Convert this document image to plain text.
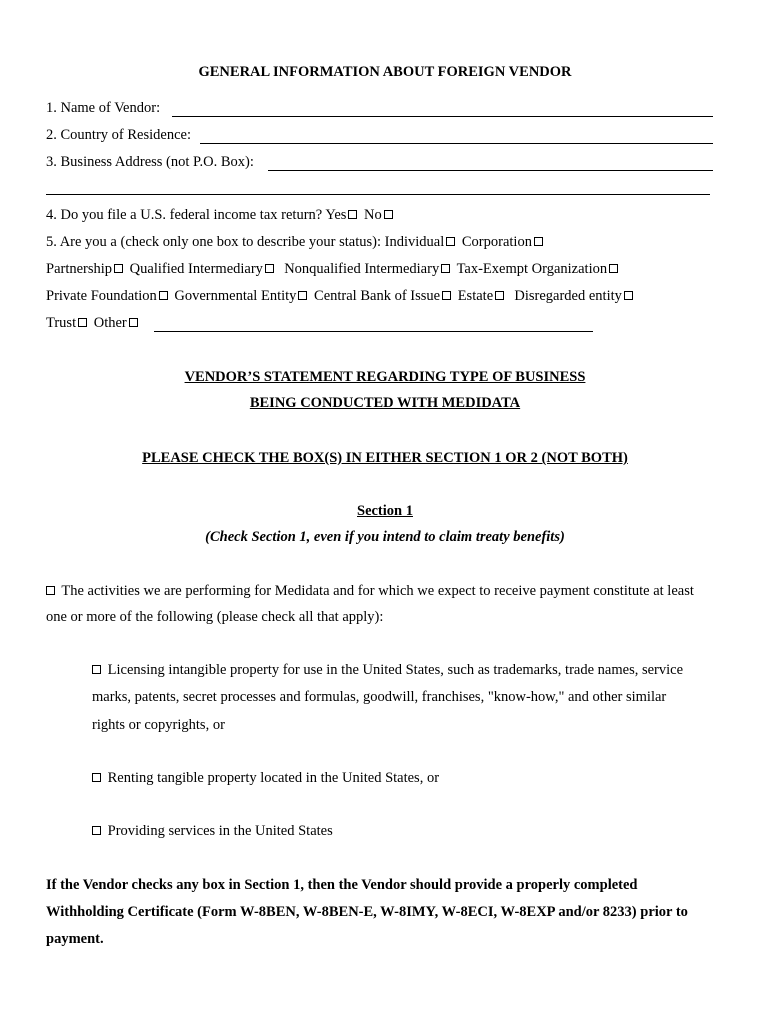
GENERAL INFORMATION ABOUT FOREIGN VENDOR
1. Name of Vendor:
2. Country of Residence:
3. Business Address (not P.O. Box):
4. Do you file a U.S. federal income tax return? Yes No
5. Are you a (check only one box to describe your status): Individual Corporation
Partnership Qualified Intermediary Nonqualified Intermediary Tax-Exempt Organization
Private Foundation Governmental Entity Central Bank of Issue Estate Disregarded entity
Trust Other
VENDOR’S STATEMENT REGARDING TYPE OF BUSINESS
BEING CONDUCTED WITH MEDIDATA
PLEASE CHECK THE BOX(S) IN EITHER SECTION 1 OR 2 (NOT BOTH)
Section 1
(Check Section 1, even if you intend to claim treaty benefits)
The activities we are performing for Medidata and for which we expect to receive payment constitute at least
one or more of the following (please check all that apply):
Licensing intangible property for use in the United States, such as trademarks, trade names, service
marks, patents, secret processes and formulas, goodwill, franchises, "know-how," and other similar
rights or copyrights, or
Renting tangible property located in the United States, or
Providing services in the United States
If the Vendor checks any box in Section 1, then the Vendor should provide a properly completed
Withholding Certificate (Form W-8BEN, W-8BEN-E, W-8IMY, W-8ECI, W-8EXP and/or 8233) prior to
payment.
